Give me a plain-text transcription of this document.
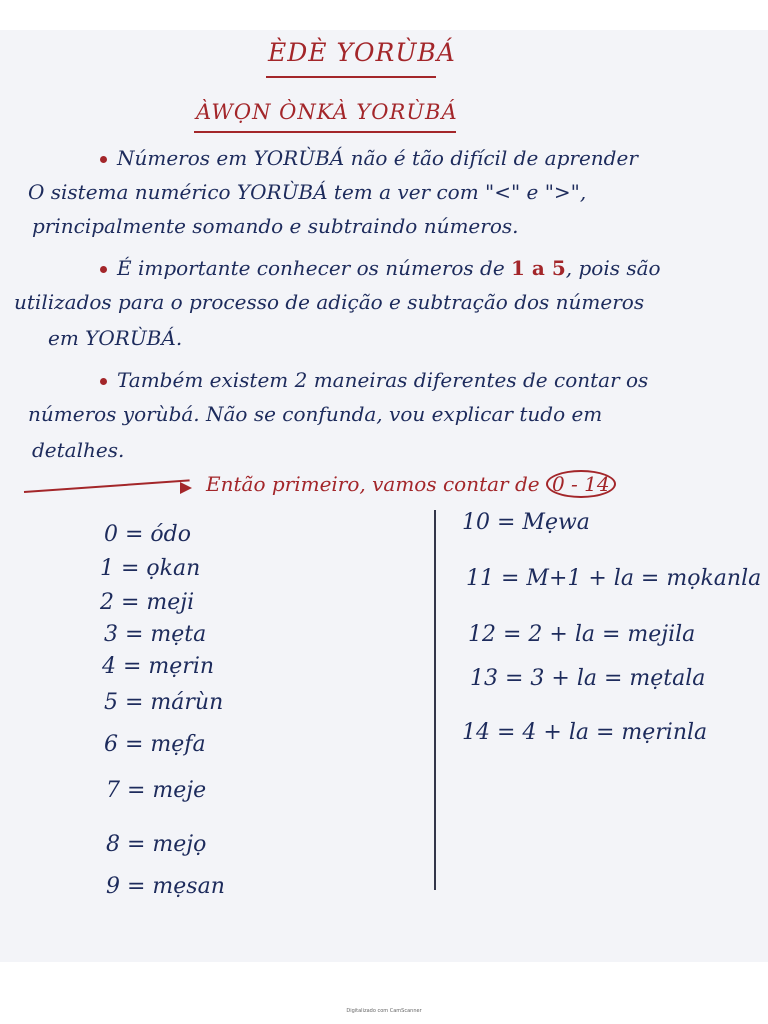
ÈDÈ YORÙBÁ
ÀWỌN ÒNKÀ YORÙBÁ
Números em YORÙBÁ não é tão difícil de aprender
O sistema numérico YORÙBÁ tem a ver com "<" e ">",
principalmente somando e subtraindo números.
É importante conhecer os números de 1 a 5, pois são
utilizados para o processo de adição e subtração dos números
em YORÙBÁ.
Também existem 2 maneiras diferentes de contar os
números yorùbá. Não se confunda, vou explicar tudo em
detalhes.
Então primeiro, vamos contar de 0 - 14
0 = ódo
1 = ọkan
2 = meji
3 = mẹta
4 = mẹrin
5 = márùn
6 = mẹfa
7 = meje
8 = mejọ
9 = mẹsan
10 = Mẹwa
11 = M+1 + la = mọkanla
12 = 2 + la = mejila
13 = 3 + la = mẹtala
14 = 4 + la = mẹrinla
Digitalizado com CamScanner
